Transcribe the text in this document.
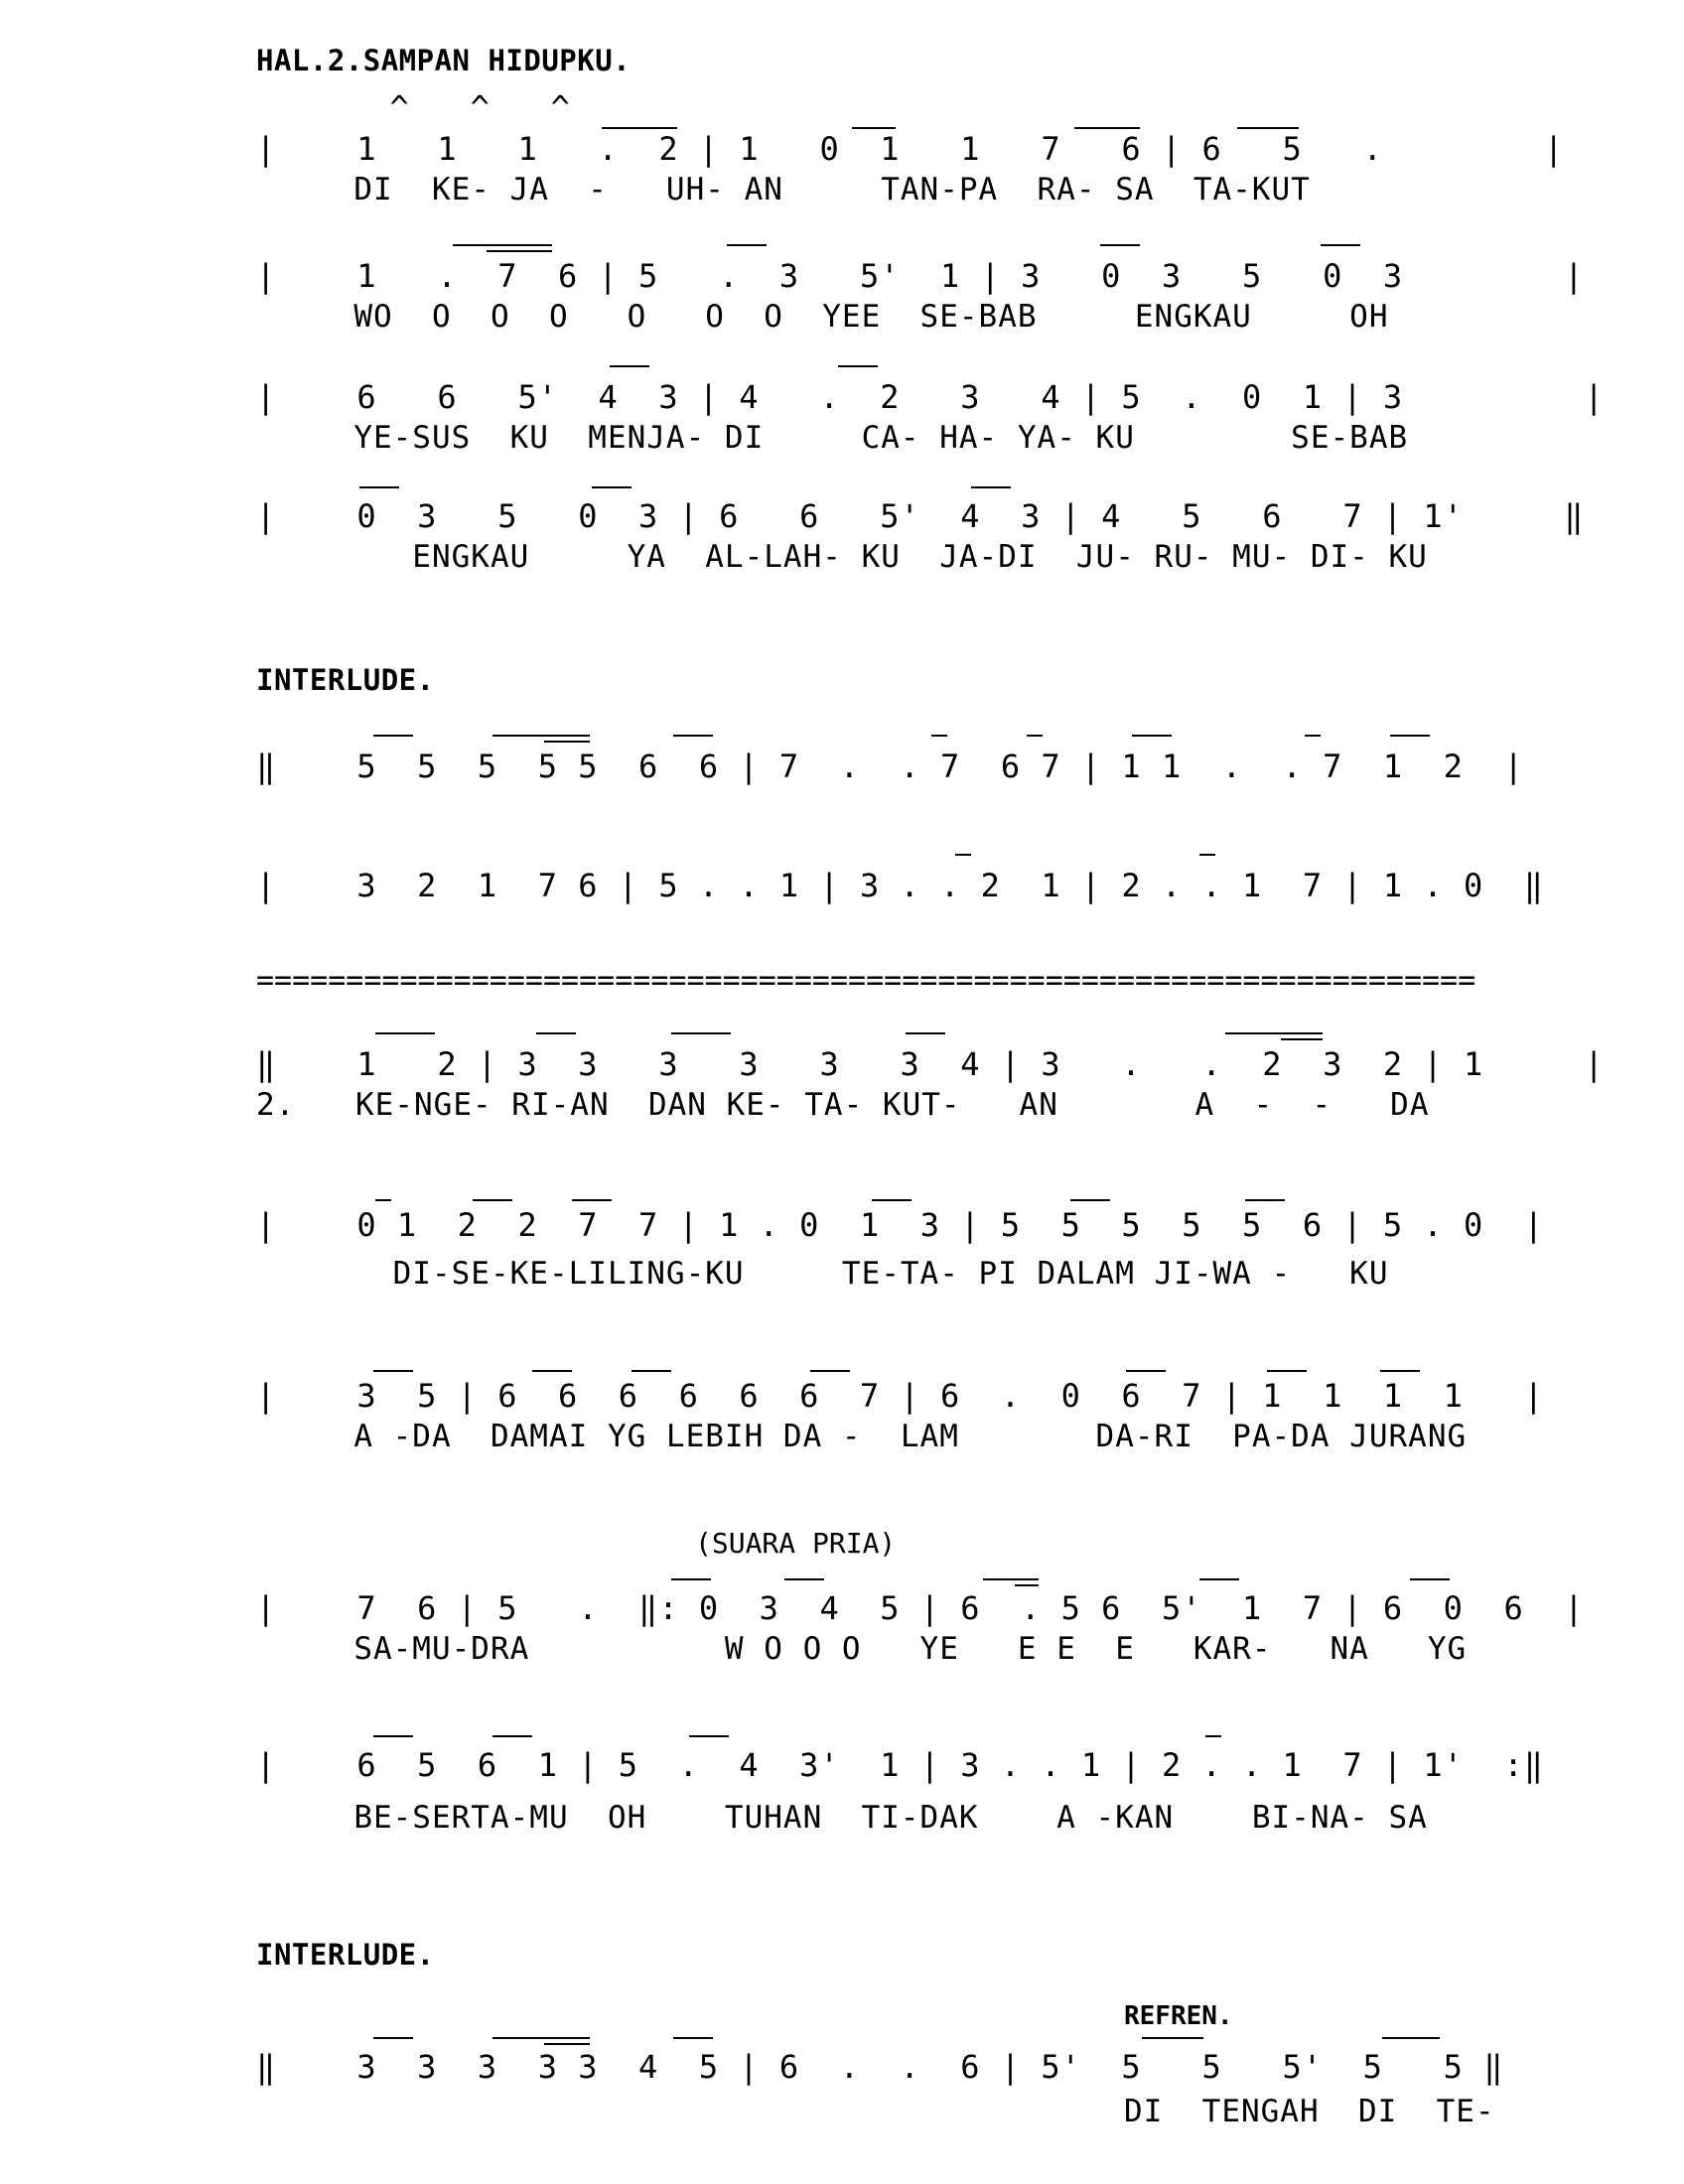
HAL.2.SAMPAN HIDUPKU.
^   ^   ^
|    1   1   1   .  2 | 1   0  1   1   7   6 | 6   5   .        |
DI  KE- JA  -   UH- AN     TAN-PA  RA- SA  TA-KUT
|    1   .  7  6 | 5   .  3   5'  1 | 3   0  3   5   0  3        |
WO  O  O  O   O   O  O  YEE  SE-BAB     ENGKAU     OH
|    6   6   5'  4  3 | 4   .  2   3   4 | 5  .  0  1 | 3         |
YE-SUS  KU  MENJA- DI     CA- HA- YA- KU        SE-BAB
|    0  3   5   0  3 | 6   6   5'  4  3 | 4   5   6   7 | 1'     ‖
ENGKAU     YA  AL-LAH- KU  JA-DI  JU- RU- MU- DI- KU
INTERLUDE.
‖    5  5  5  5 5  6  6 | 7  .  . 7  6 7 | 1 1  .  . 7  1  2  |
|    3  2  1  7 6 | 5 . . 1 | 3 . . 2  1 | 2 . . 1  7 | 1 . 0  ‖
====================================================================
‖    1   2 | 3  3   3   3   3   3  4 | 3   .   .  2  3  2 | 1     |
2. KE-NGE- RI-AN  DAN KE- TA- KUT-   AN       A  -  -   DA
|    0 1  2  2  7  7 | 1 . 0  1  3 | 5  5  5  5  5  6 | 5 . 0  |
DI-SE-KE-LILING-KU     TE-TA- PI DALAM JI-WA -   KU
|    3  5 | 6  6  6  6  6  6  7 | 6  .  0  6  7 | 1  1  1  1   |
A -DA  DAMAI YG LEBIH DA -  LAM       DA-RI  PA-DA JURANG
(SUARA PRIA)
|    7  6 | 5   .  ‖: 0  3  4  5 | 6  . 5 6  5'  1  7 | 6  0  6  |
SA-MU-DRA          W O O O   YE   E E  E   KAR-   NA   YG
|    6  5  6  1 | 5  .  4  3'  1 | 3 . . 1 | 2 . . 1  7 | 1'  :‖
BE-SERTA-MU  OH    TUHAN  TI-DAK    A -KAN    BI-NA- SA
INTERLUDE.
REFREN.
‖    3  3  3  3 3  4  5 | 6  .  .  6 | 5'  5   5   5'  5   5 ‖
DI  TENGAH  DI  TE-
